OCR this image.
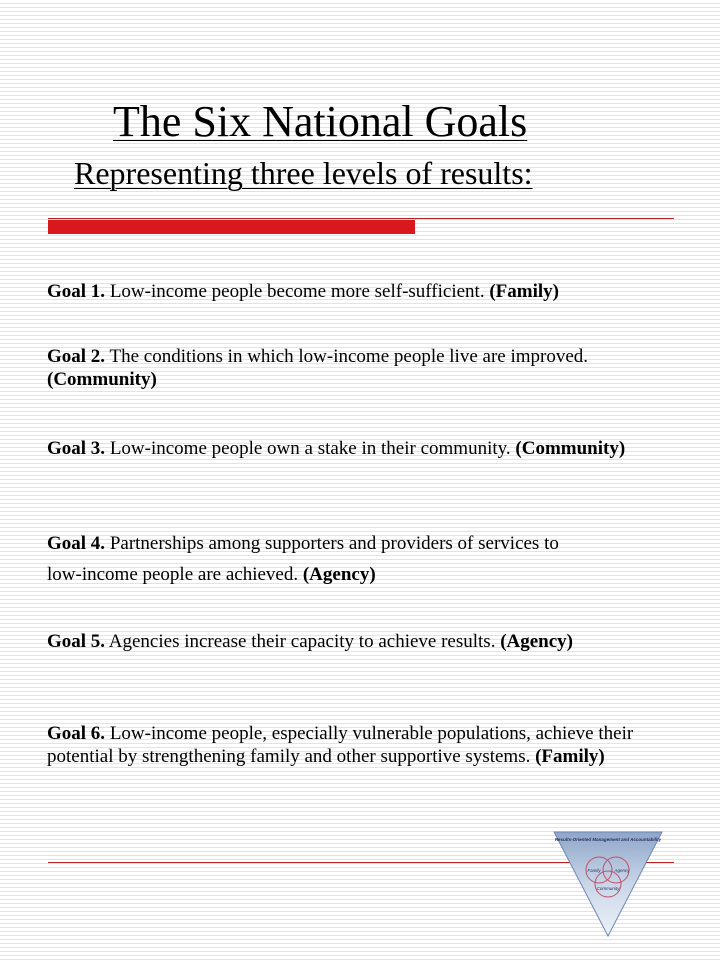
The Six National Goals
Representing three levels of results:
Goal 1. Low-income people become more self-sufficient. (Family)
Goal 2. The conditions in which low-income people live are improved. (Community)
Goal 3. Low-income people own a stake in their community. (Community)
Goal 4. Partnerships among supporters and providers of services to low-income people are achieved. (Agency)
Goal 5. Agencies increase their capacity to achieve results. (Agency)
Goal 6. Low-income people, especially vulnerable populations, achieve their potential by strengthening family and other supportive systems. (Family)
Results-Oriented Management and Accountability
Family	Agency
Community
